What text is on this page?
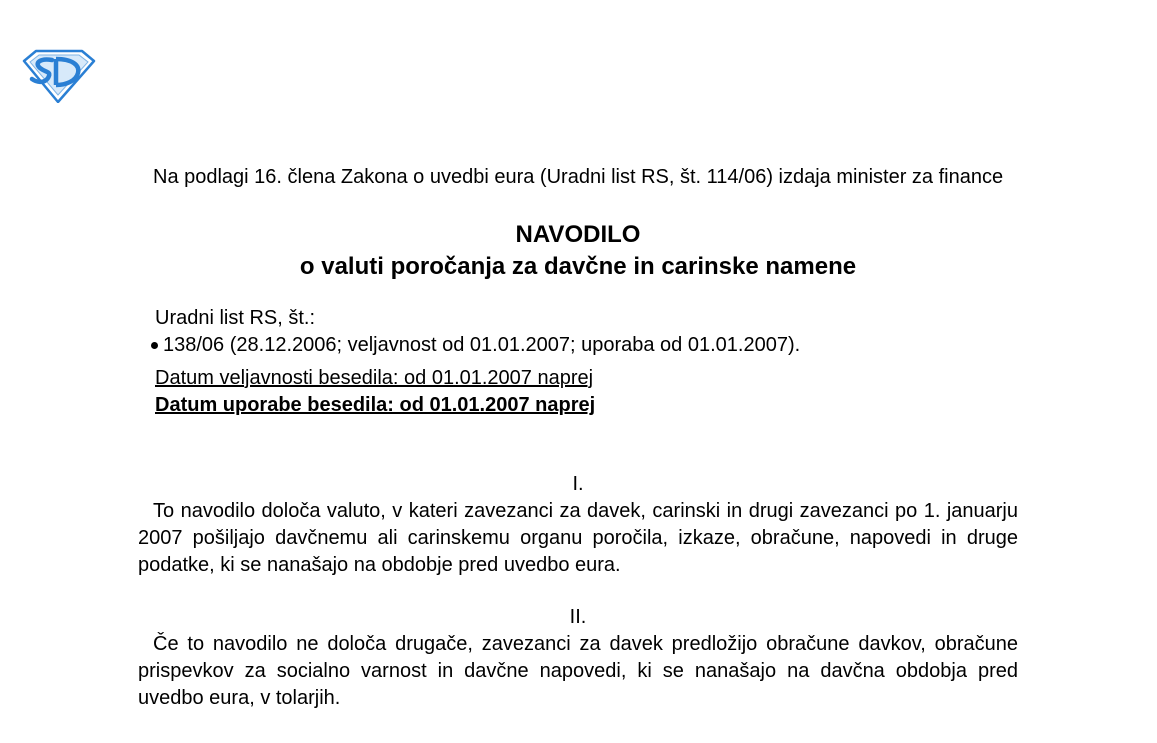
Na podlagi 16. člena Zakona o uvedbi eura (Uradni list RS, št. 114/06) izdaja minister za finance

NAVODILO
o valuti poročanja za davčne in carinske namene
Uradni list RS, št.:
138/06 (28.12.2006; veljavnost od 01.01.2007; uporaba od 01.01.2007).
Datum veljavnosti besedila: od 01.01.2007 naprej
Datum uporabe besedila: od 01.01.2007 naprej

I.

To navodilo določa valuto, v kateri zavezanci za davek, carinski in drugi zavezanci po 1. januarju 2007 pošiljajo davčnemu ali carinskemu organu poročila, izkaze, obračune, napovedi in druge podatke, ki se nanašajo na obdobje pred uvedbo eura.

II.

Če to navodilo ne določa drugače, zavezanci za davek predložijo obračune davkov, obračune prispevkov za socialno varnost in davčne napovedi, ki se nanašajo na davčna obdobja pred uvedbo eura, v tolarjih.
